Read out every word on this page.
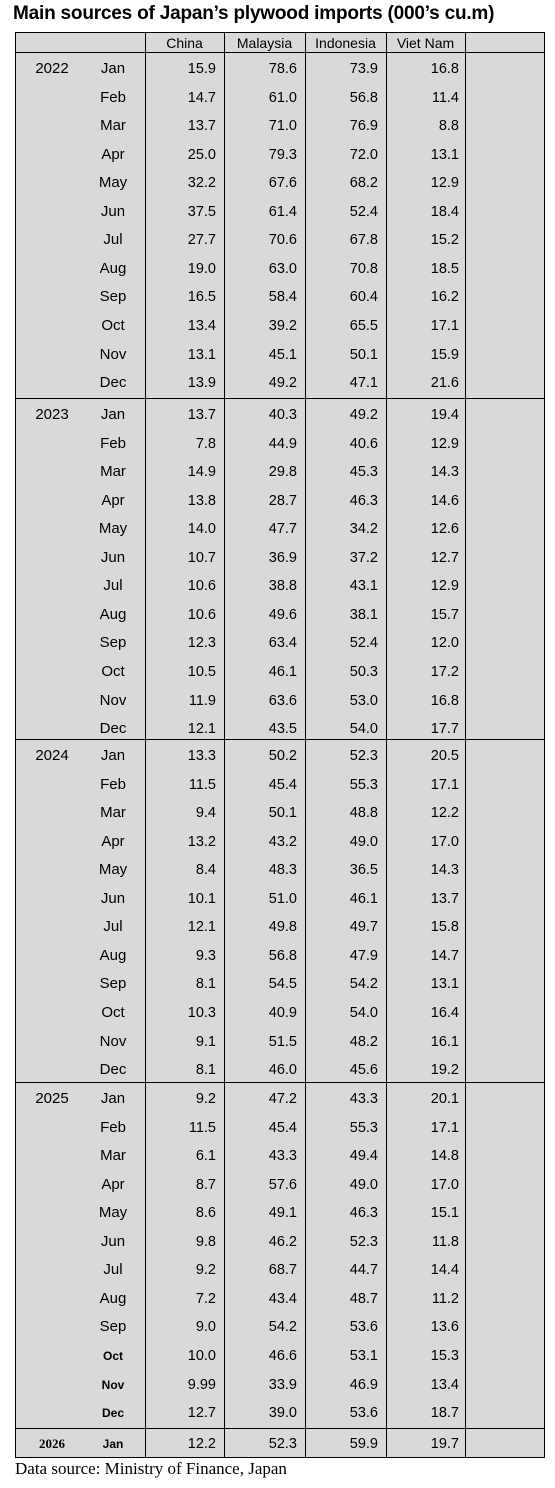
Main sources of Japan’s plywood imports (000’s cu.m)
China	Malaysia	Indonesia	Viet Nam
2022	Jan	15.9	78.6	73.9	16.8
Feb	14.7	61.0	56.8	11.4
Mar	13.7	71.0	76.9	8.8
Apr	25.0	79.3	72.0	13.1
May	32.2	67.6	68.2	12.9
Jun	37.5	61.4	52.4	18.4
Jul	27.7	70.6	67.8	15.2
Aug	19.0	63.0	70.8	18.5
Sep	16.5	58.4	60.4	16.2
Oct	13.4	39.2	65.5	17.1
Nov	13.1	45.1	50.1	15.9
Dec	13.9	49.2	47.1	21.6
2023	Jan	13.7	40.3	49.2	19.4
Feb	7.8	44.9	40.6	12.9
Mar	14.9	29.8	45.3	14.3
Apr	13.8	28.7	46.3	14.6
May	14.0	47.7	34.2	12.6
Jun	10.7	36.9	37.2	12.7
Jul	10.6	38.8	43.1	12.9
Aug	10.6	49.6	38.1	15.7
Sep	12.3	63.4	52.4	12.0
Oct	10.5	46.1	50.3	17.2
Nov	11.9	63.6	53.0	16.8
Dec	12.1	43.5	54.0	17.7
2024	Jan	13.3	50.2	52.3	20.5
Feb	11.5	45.4	55.3	17.1
Mar	9.4	50.1	48.8	12.2
Apr	13.2	43.2	49.0	17.0
May	8.4	48.3	36.5	14.3
Jun	10.1	51.0	46.1	13.7
Jul	12.1	49.8	49.7	15.8
Aug	9.3	56.8	47.9	14.7
Sep	8.1	54.5	54.2	13.1
Oct	10.3	40.9	54.0	16.4
Nov	9.1	51.5	48.2	16.1
Dec	8.1	46.0	45.6	19.2
2025	Jan	9.2	47.2	43.3	20.1
Feb	11.5	45.4	55.3	17.1
Mar	6.1	43.3	49.4	14.8
Apr	8.7	57.6	49.0	17.0
May	8.6	49.1	46.3	15.1
Jun	9.8	46.2	52.3	11.8
Jul	9.2	68.7	44.7	14.4
Aug	7.2	43.4	48.7	11.2
Sep	9.0	54.2	53.6	13.6
Oct	10.0	46.6	53.1	15.3
Nov	9.99	33.9	46.9	13.4
Dec	12.7	39.0	53.6	18.7
2026	Jan	12.2	52.3	59.9	19.7
Data source: Ministry of Finance, Japan
